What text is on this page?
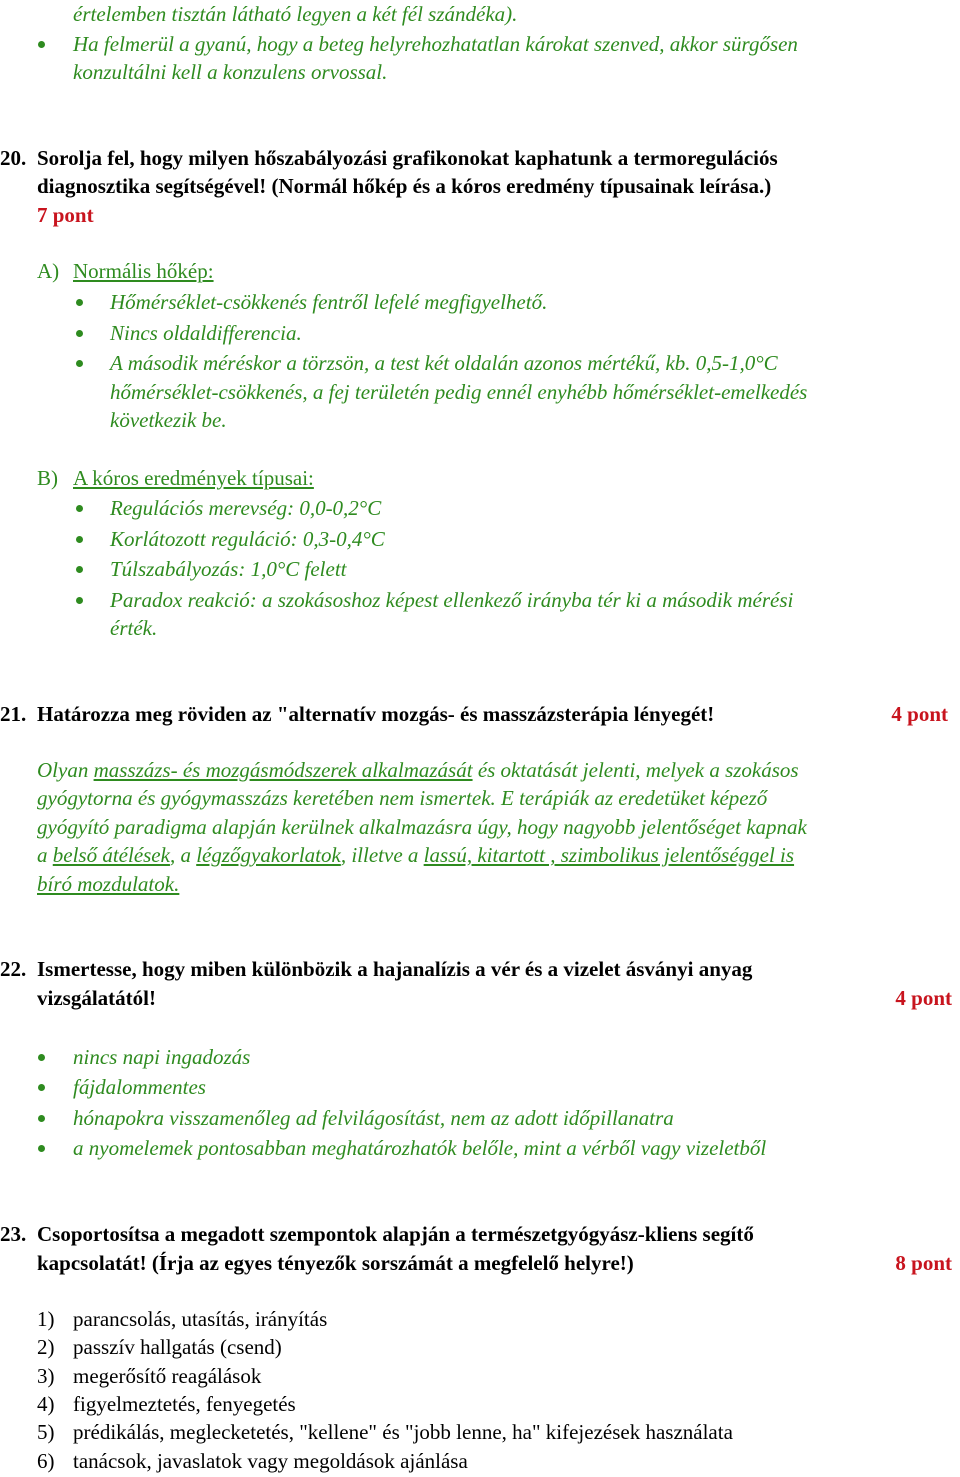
értelemben tisztán látható legyen a két fél szándéka).
Ha felmerül a gyanú, hogy a beteg helyrehozhatatlan károkat szenved, akkor sürgősen
konzultálni kell a konzulens orvossal.
20. Sorolja fel, hogy milyen hőszabályozási grafikonokat kaphatunk a termoregulációs
diagnosztika segítségével! (Normál hőkép és a kóros eredmény típusainak leírása.)
7 pont
A) Normális hőkép:
Hőmérséklet-csökkenés fentről lefelé megfigyelhető.
Nincs oldaldifferencia.
A második méréskor a törzsön, a test két oldalán azonos mértékű, kb. 0,5-1,0°C
hőmérséklet-csökkenés, a fej területén pedig ennél enyhébb hőmérséklet-emelkedés
következik be.
B) A kóros eredmények típusai:
Regulációs merevség: 0,0-0,2°C
Korlátozott reguláció: 0,3-0,4°C
Túlszabályozás: 1,0°C felett
Paradox reakció: a szokásoshoz képest ellenkező irányba tér ki a második mérési
érték.
21. Határozza meg röviden az "alternatív mozgás- és masszázsterápia lényegét!	4 pont
Olyan masszázs- és mozgásmódszerek alkalmazását és oktatását jelenti, melyek a szokásos
gyógytorna és gyógymasszázs keretében nem ismertek. E terápiák az eredetüket képező
gyógyító paradigma alapján kerülnek alkalmazásra úgy, hogy nagyobb jelentőséget kapnak
a belső átélések, a légzőgyakorlatok, illetve a lassú, kitartott , szimbolikus jelentőséggel is
bíró mozdulatok.
22. Ismertesse, hogy miben különbözik a hajanalízis a vér és a vizelet ásványi anyag
vizsgálatától!	4 pont
nincs napi ingadozás
fájdalommentes
hónapokra visszamenőleg ad felvilágosítást, nem az adott időpillanatra
a nyomelemek pontosabban meghatározhatók belőle, mint a vérből vagy vizeletből
23. Csoportosítsa a megadott szempontok alapján a természetgyógyász-kliens segítő
kapcsolatát! (Írja az egyes tényezők sorszámát a megfelelő helyre!)	8 pont
1) parancsolás, utasítás, irányítás
2) passzív hallgatás (csend)
3) megerősítő reagálások
4) figyelmeztetés, fenyegetés
5) prédikálás, meglecketetés, "kellene" és "jobb lenne, ha" kifejezések használata
6) tanácsok, javaslatok vagy megoldások ajánlása
